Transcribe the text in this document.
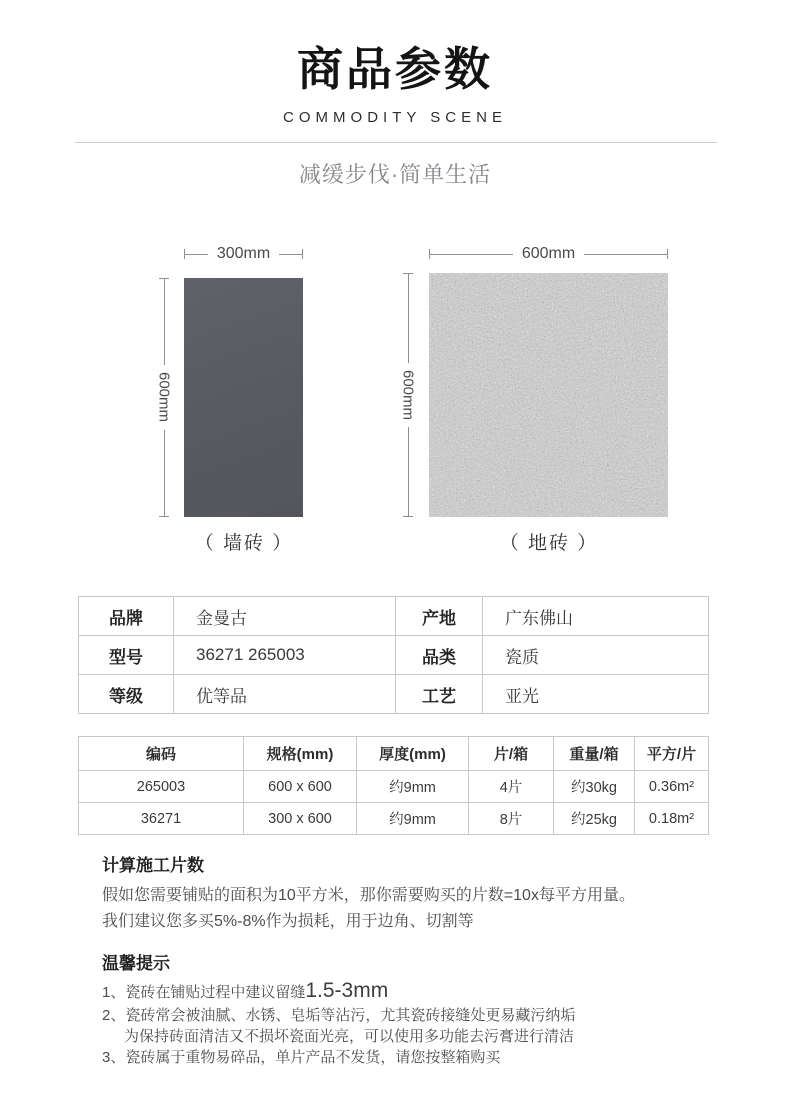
商品参数
COMMODITY SCENE
减缓步伐·简单生活
300mm
600mm
（ 墙砖 ）
600mm
600mm
（ 地砖 ）
品牌	金曼古	产地	广东佛山
型号	36271 265003	品类	瓷质
等级	优等品	工艺	亚光
编码	规格(mm)	厚度(mm)	片/箱	重量/箱	平方/片
265003	600 x 600	约9mm	4片	约30kg	0.36m²
36271	300 x 600	约9mm	8片	约25kg	0.18m²
计算施工片数
假如您需要铺贴的面积为10平方米，那你需要购买的片数=10x每平方用量。
我们建议您多买5%-8%作为损耗，用于边角、切割等
温馨提示
1、瓷砖在铺贴过程中建议留缝1.5-3mm
2、瓷砖常会被油腻、水锈、皂垢等沾污，尤其瓷砖接缝处更易藏污纳垢
为保持砖面清洁又不损坏瓷面光亮，可以使用多功能去污膏进行清洁
3、瓷砖属于重物易碎品，单片产品不发货，请您按整箱购买
